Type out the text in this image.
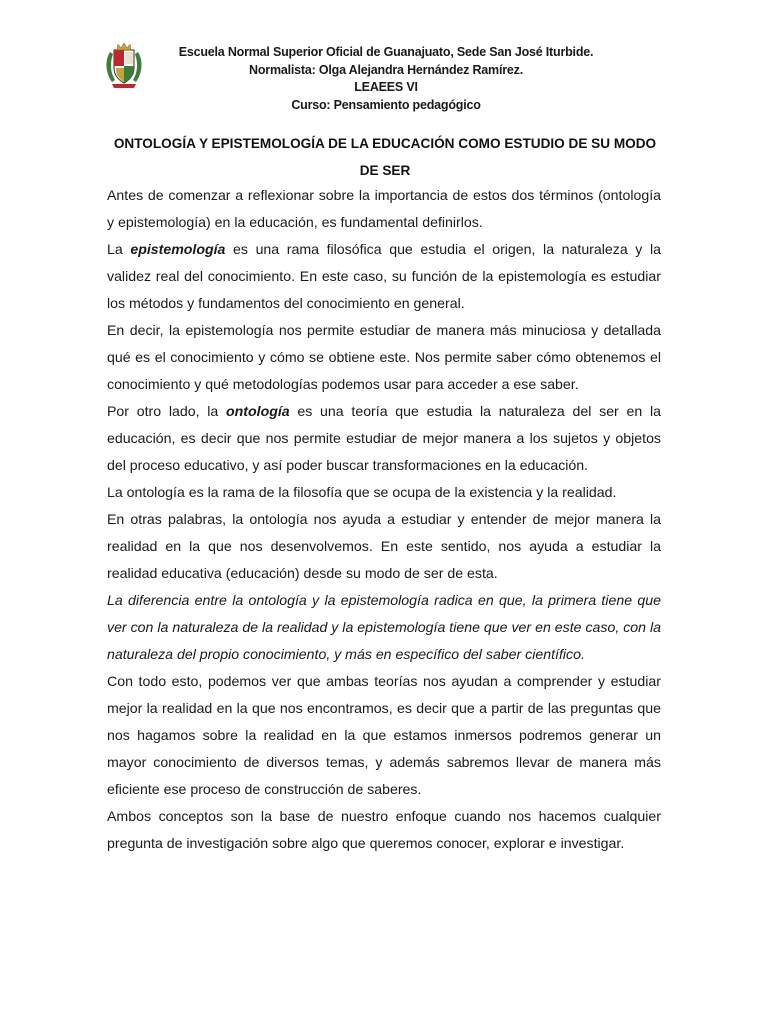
Escuela Normal Superior Oficial de Guanajuato, Sede San José Iturbide.
Normalista: Olga Alejandra Hernández Ramírez.
LEAEES VI
Curso: Pensamiento pedagógico
ONTOLOGÍA Y EPISTEMOLOGÍA DE LA EDUCACIÓN COMO ESTUDIO DE SU MODO DE SER

Antes de comenzar a reflexionar sobre la importancia de estos dos términos (ontología y epistemología) en la educación, es fundamental definirlos.

La epistemología es una rama filosófica que estudia el origen, la naturaleza y la validez real del conocimiento. En este caso, su función de la epistemología es estudiar los métodos y fundamentos del conocimiento en general.

En decir, la epistemología nos permite estudiar de manera más minuciosa y detallada qué es el conocimiento y cómo se obtiene este. Nos permite saber cómo obtenemos el conocimiento y qué metodologías podemos usar para acceder a ese saber.

Por otro lado, la ontología es una teoría que estudia la naturaleza del ser en la educación, es decir que nos permite estudiar de mejor manera a los sujetos y objetos del proceso educativo, y así poder buscar transformaciones en la educación.

La ontología es la rama de la filosofía que se ocupa de la existencia y la realidad.

En otras palabras, la ontología nos ayuda a estudiar y entender de mejor manera la realidad en la que nos desenvolvemos. En este sentido, nos ayuda a estudiar la realidad educativa (educación) desde su modo de ser de esta.

La diferencia entre la ontología y la epistemología radica en que, la primera tiene que ver con la naturaleza de la realidad y la epistemología tiene que ver en este caso, con la naturaleza del propio conocimiento, y más en específico del saber científico.

Con todo esto, podemos ver que ambas teorías nos ayudan a comprender y estudiar mejor la realidad en la que nos encontramos, es decir que a partir de las preguntas que nos hagamos sobre la realidad en la que estamos inmersos podremos generar un mayor conocimiento de diversos temas, y además sabremos llevar de manera más eficiente ese proceso de construcción de saberes.

Ambos conceptos son la base de nuestro enfoque cuando nos hacemos cualquier pregunta de investigación sobre algo que queremos conocer, explorar e investigar.
